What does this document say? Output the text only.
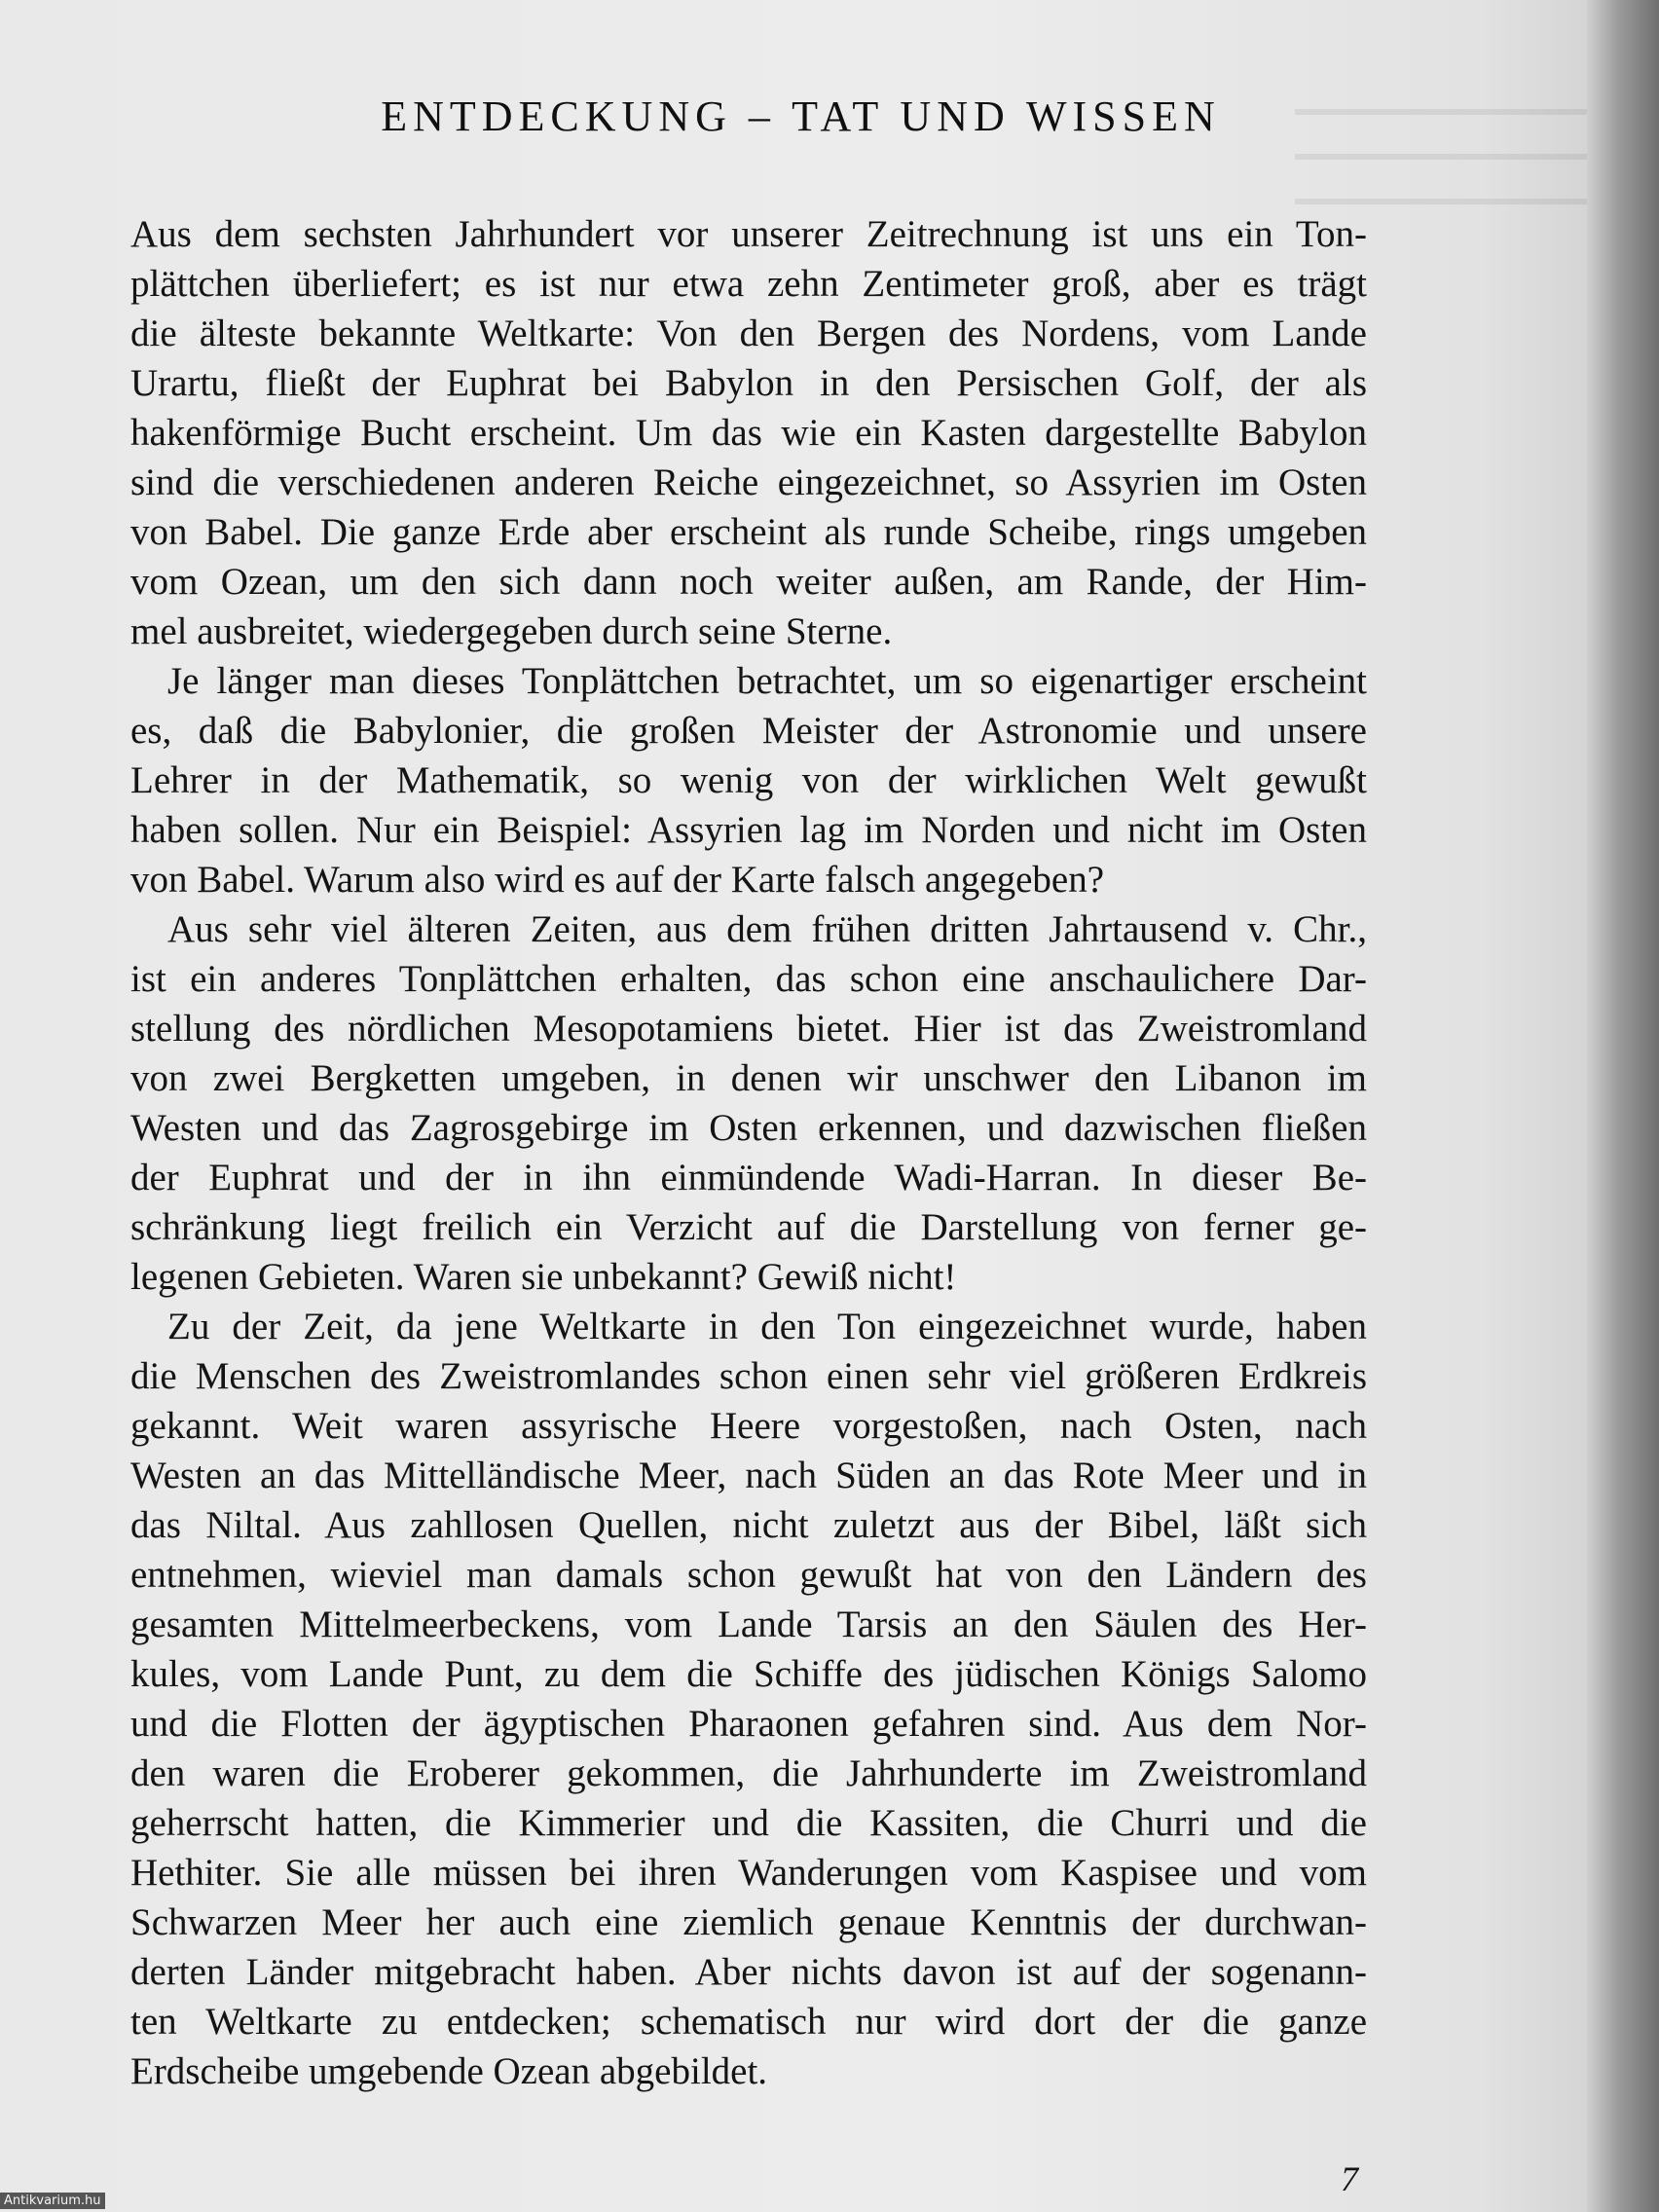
ENTDECKUNG – TAT UND WISSEN
Aus dem sechsten Jahrhundert vor unserer Zeitrechnung ist uns ein Ton-
plättchen überliefert; es ist nur etwa zehn Zentimeter groß, aber es trägt
die älteste bekannte Weltkarte: Von den Bergen des Nordens, vom Lande
Urartu, fließt der Euphrat bei Babylon in den Persischen Golf, der als
hakenförmige Bucht erscheint. Um das wie ein Kasten dargestellte Babylon
sind die verschiedenen anderen Reiche eingezeichnet, so Assyrien im Osten
von Babel. Die ganze Erde aber erscheint als runde Scheibe, rings umgeben
vom Ozean, um den sich dann noch weiter außen, am Rande, der Him-
mel ausbreitet, wiedergegeben durch seine Sterne.
Je länger man dieses Tonplättchen betrachtet, um so eigenartiger erscheint
es, daß die Babylonier, die großen Meister der Astronomie und unsere
Lehrer in der Mathematik, so wenig von der wirklichen Welt gewußt
haben sollen. Nur ein Beispiel: Assyrien lag im Norden und nicht im Osten
von Babel. Warum also wird es auf der Karte falsch angegeben?
Aus sehr viel älteren Zeiten, aus dem frühen dritten Jahrtausend v. Chr.,
ist ein anderes Tonplättchen erhalten, das schon eine anschaulichere Dar-
stellung des nördlichen Mesopotamiens bietet. Hier ist das Zweistromland
von zwei Bergketten umgeben, in denen wir unschwer den Libanon im
Westen und das Zagrosgebirge im Osten erkennen, und dazwischen fließen
der Euphrat und der in ihn einmündende Wadi-Harran. In dieser Be-
schränkung liegt freilich ein Verzicht auf die Darstellung von ferner ge-
legenen Gebieten. Waren sie unbekannt? Gewiß nicht!
Zu der Zeit, da jene Weltkarte in den Ton eingezeichnet wurde, haben
die Menschen des Zweistromlandes schon einen sehr viel größeren Erdkreis
gekannt. Weit waren assyrische Heere vorgestoßen, nach Osten, nach
Westen an das Mittelländische Meer, nach Süden an das Rote Meer und in
das Niltal. Aus zahllosen Quellen, nicht zuletzt aus der Bibel, läßt sich
entnehmen, wieviel man damals schon gewußt hat von den Ländern des
gesamten Mittelmeerbeckens, vom Lande Tarsis an den Säulen des Her-
kules, vom Lande Punt, zu dem die Schiffe des jüdischen Königs Salomo
und die Flotten der ägyptischen Pharaonen gefahren sind. Aus dem Nor-
den waren die Eroberer gekommen, die Jahrhunderte im Zweistromland
geherrscht hatten, die Kimmerier und die Kassiten, die Churri und die
Hethiter. Sie alle müssen bei ihren Wanderungen vom Kaspisee und vom
Schwarzen Meer her auch eine ziemlich genaue Kenntnis der durchwan-
derten Länder mitgebracht haben. Aber nichts davon ist auf der sogenann-
ten Weltkarte zu entdecken; schematisch nur wird dort der die ganze
Erdscheibe umgebende Ozean abgebildet.
7
Antikvarium.hu
